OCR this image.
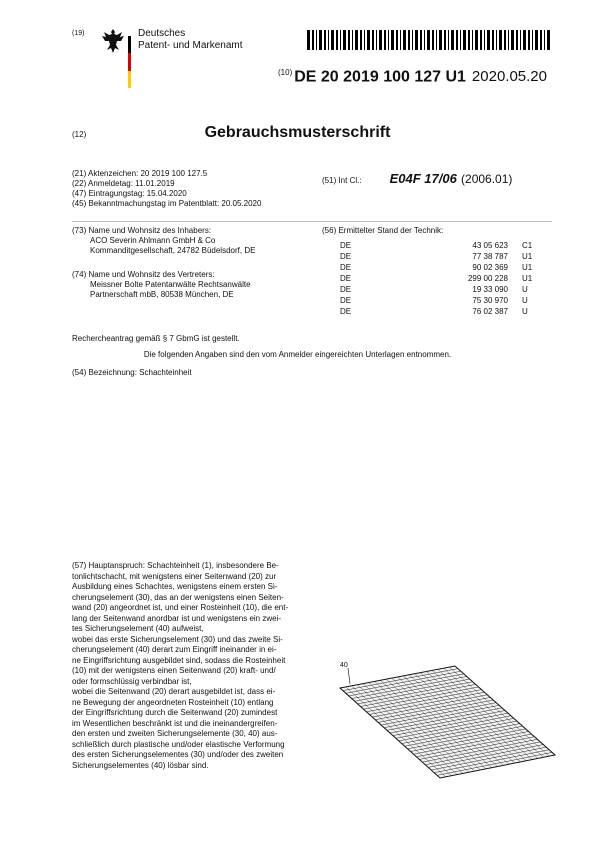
(19)	Deutsches
Patent- und Markenamt
$^{(10)}$ DE 20 2019 100 127 U1 2020.05.20
(12)	Gebrauchsmusterschrift
(21) Aktenzeichen: 20 2019 100 127.5
(22) Anmeldetag: 11.01.2019
(47) Eintragungstag: 15.04.2020
(45) Bekanntmachungstag im Patentblatt: 20.05.2020
(51) Int Cl.: E04F 17/06 (2006.01)
(73) Name und Wohnsitz des Inhabers:
ACO Severin Ahlmann GmbH & Co
Kommanditgesellschaft, 24782 Büdelsdorf, DE
(74) Name und Wohnsitz des Vertreters:
Meissner Bolte Patentanwälte Rechtsanwälte
Partnerschaft mbB, 80538 München, DE
(56) Ermittelter Stand der Technik:
DE	43 05 623	C1
DE	77 38 787	U1
DE	90 02 369	U1
DE	299 00 228	U1
DE	19 33 090	U
DE	75 30 970	U
DE	76 02 387	U
Rechercheantrag gemäß § 7 GbmG ist gestellt.
Die folgenden Angaben sind den vom Anmelder eingereichten Unterlagen entnommen.
(54) Bezeichnung: Schachteinheit
(57) Hauptanspruch: Schachteinheit (1), insbesondere Be-
tonlichtschacht, mit wenigstens einer Seitenwand (20) zur
Ausbildung eines Schachtes, wenigstens einem ersten Si-
cherungselement (30), das an der wenigstens einen Seiten-
wand (20) angeordnet ist, und einer Rosteinheit (10), die ent-
lang der Seitenwand anordbar ist und wenigstens ein zwei-
tes Sicherungselement (40) aufweist,
wobei das erste Sicherungselement (30) und das zweite Si-
cherungselement (40) derart zum Eingriff ineinander in ei-
ne Eingriffsrichtung ausgebildet sind, sodass die Rosteinheit
(10) mit der wenigstens einen Seitenwand (20) kraft- und/
oder formschlüssig verbindbar ist,
wobei die Seitenwand (20) derart ausgebildet ist, dass ei-
ne Bewegung der angeordneten Rosteinheit (10) entlang
der Eingriffsrichtung durch die Seitenwand (20) zumindest
im Wesentlichen beschränkt ist und die ineinandergreifen-
den ersten und zweiten Sicherungselemente (30, 40) aus-
schließlich durch plastische und/oder elastische Verformung
des ersten Sicherungselementes (30) und/oder des zweiten
Sicherungselementes (40) lösbar sind.
40
